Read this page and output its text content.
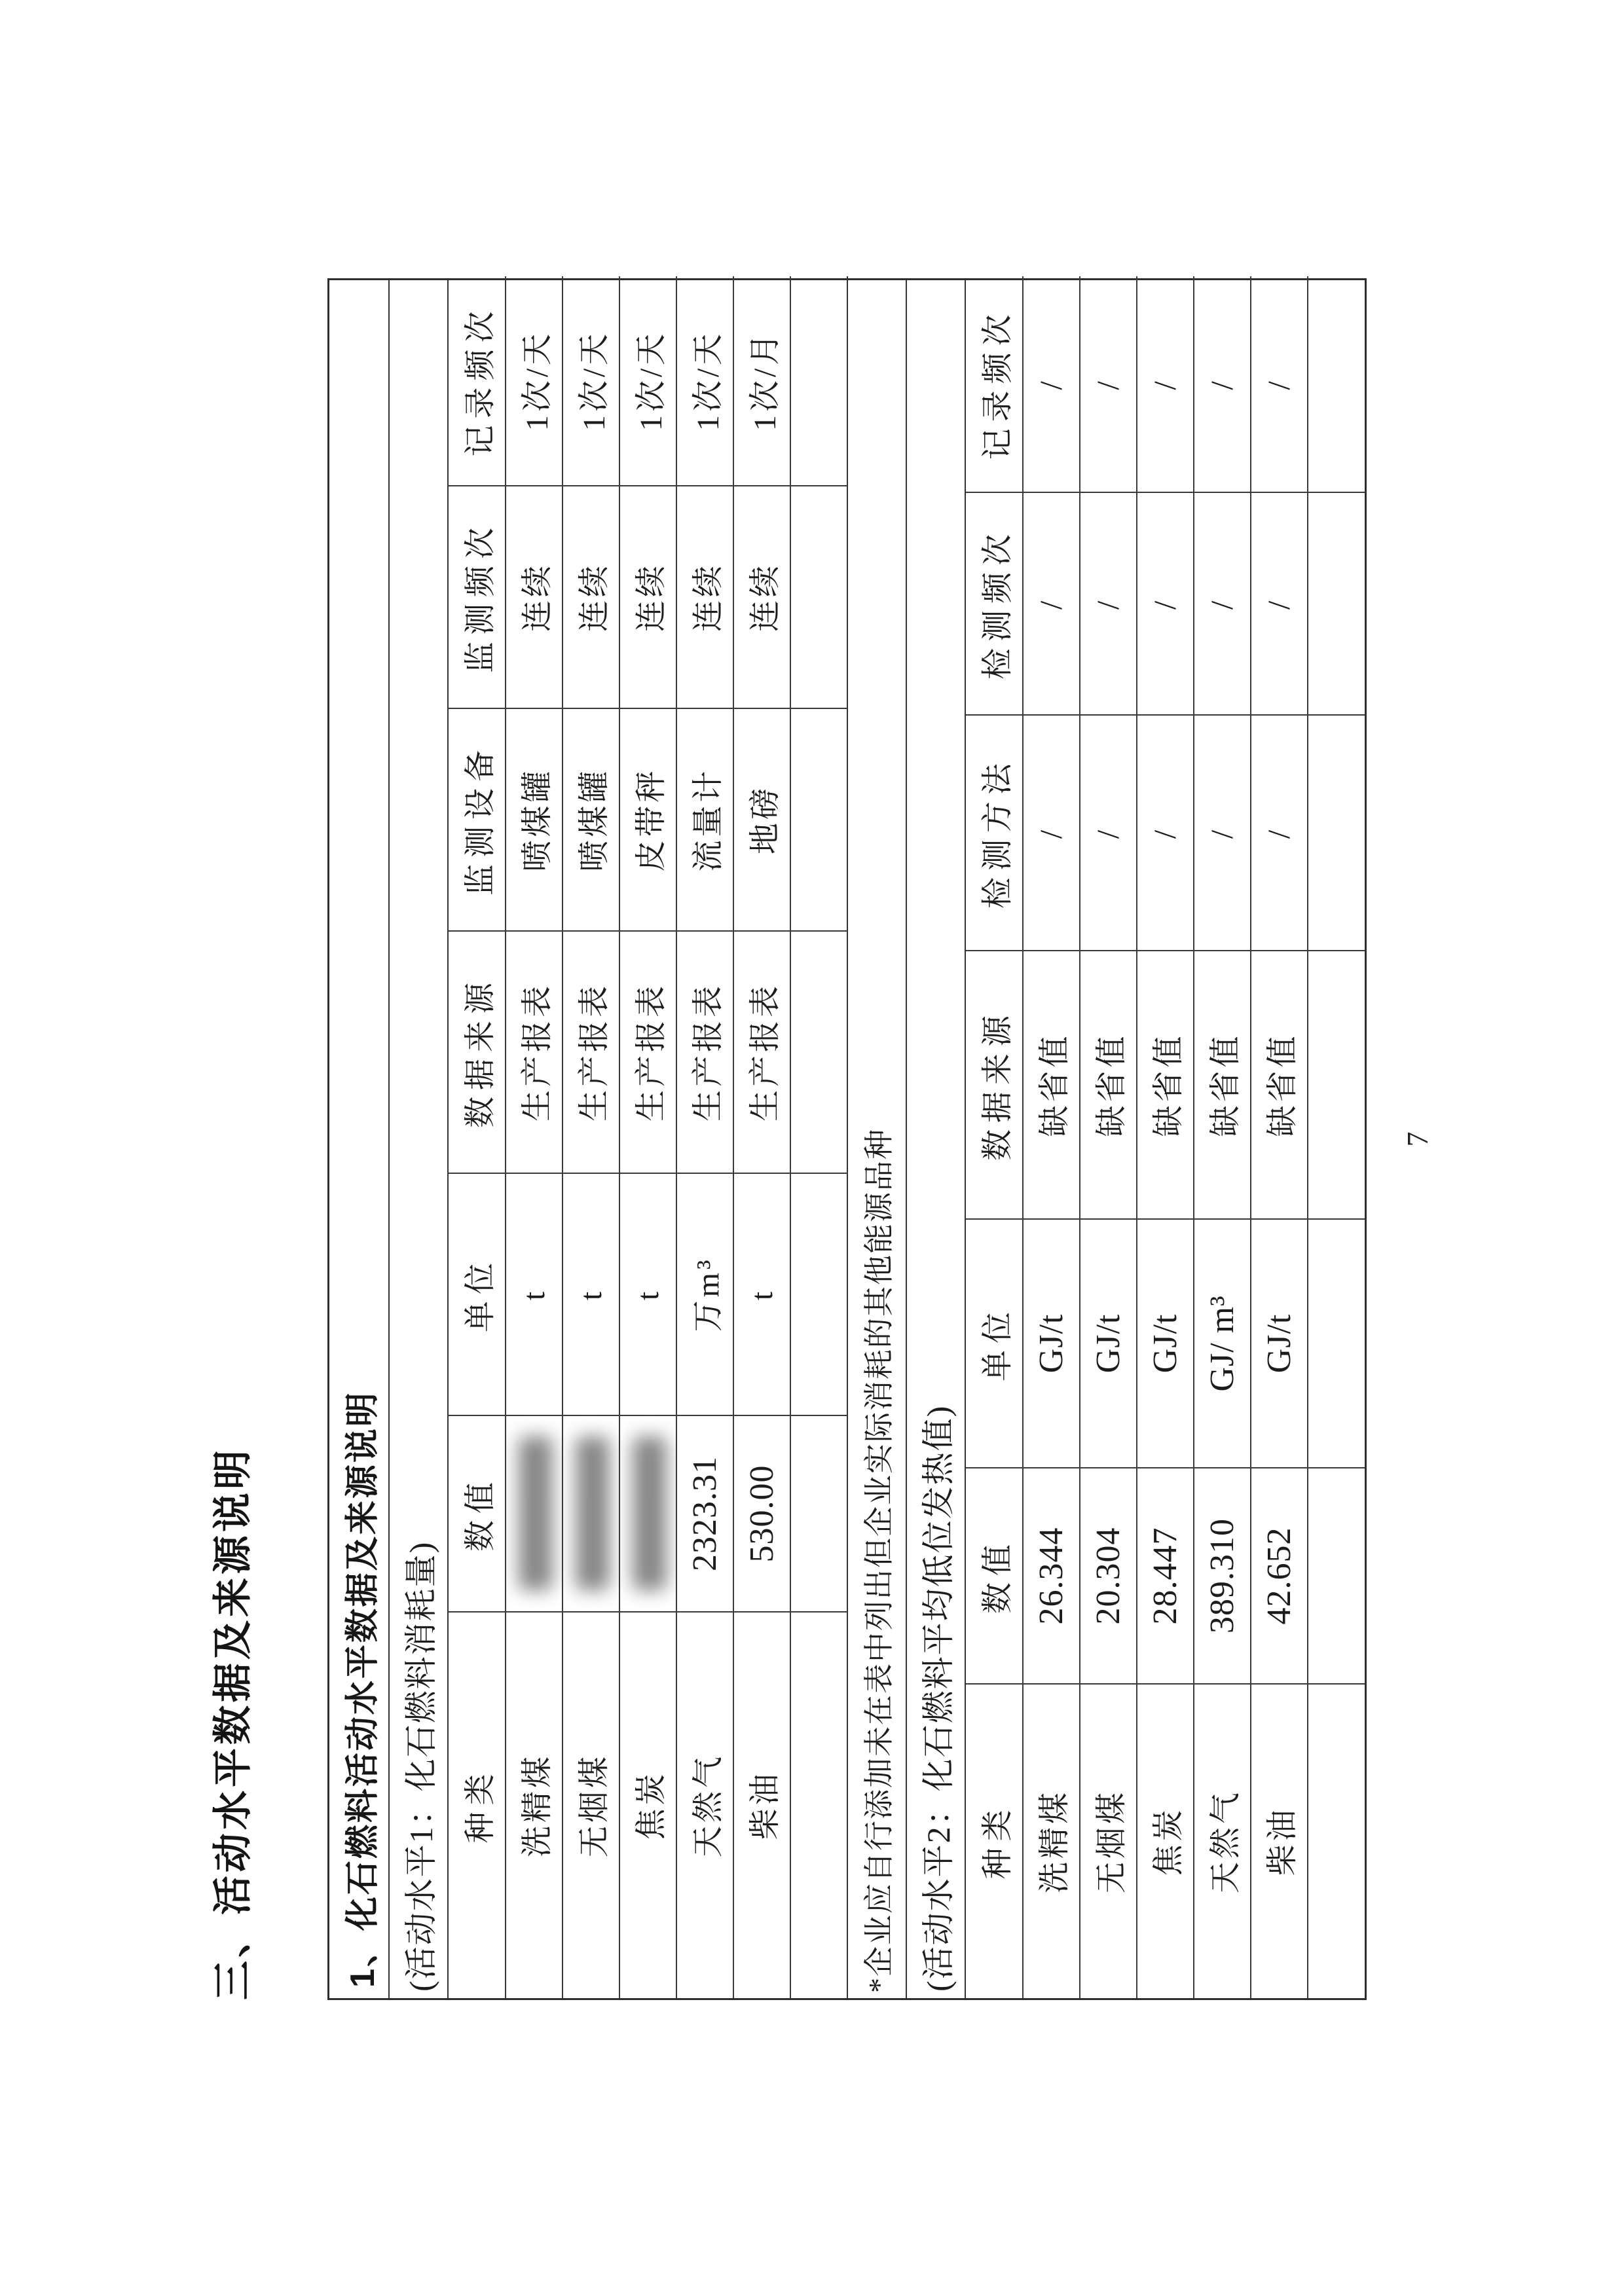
三、活动水平数据及来源说明	1、化石燃料活动水平数据及来源说明 (活动水平1：化石燃料消耗量) 种类	数值	单位	数据来源	监测设备	监测频次	记录频次
洗精煤		t	生产报表	喷煤罐	连续	1次/天
无烟煤		t	生产报表	喷煤罐	连续	1次/天
焦炭		t	生产报表	皮带秤	连续	1次/天
天然气	2323.31	万m³	生产报表	流量计	连续	1次/天
柴油	530.00	t	生产报表	地磅	连续	1次/月

*企业应自行添加未在表中列出但企业实际消耗的其他能源品种 (活动水平2：化石燃料平均低位发热值) 种类	数值	单位	数据来源	检测方法	检测频次	记录频次
洗精煤	26.344	GJ/t	缺省值	/	/	/
无烟煤	20.304	GJ/t	缺省值	/	/	/
焦炭	28.447	GJ/t	缺省值	/	/	/
天然气	389.310	GJ/ m³	缺省值	/	/	/
柴油	42.652	GJ/t	缺省值	/	/	/

7
